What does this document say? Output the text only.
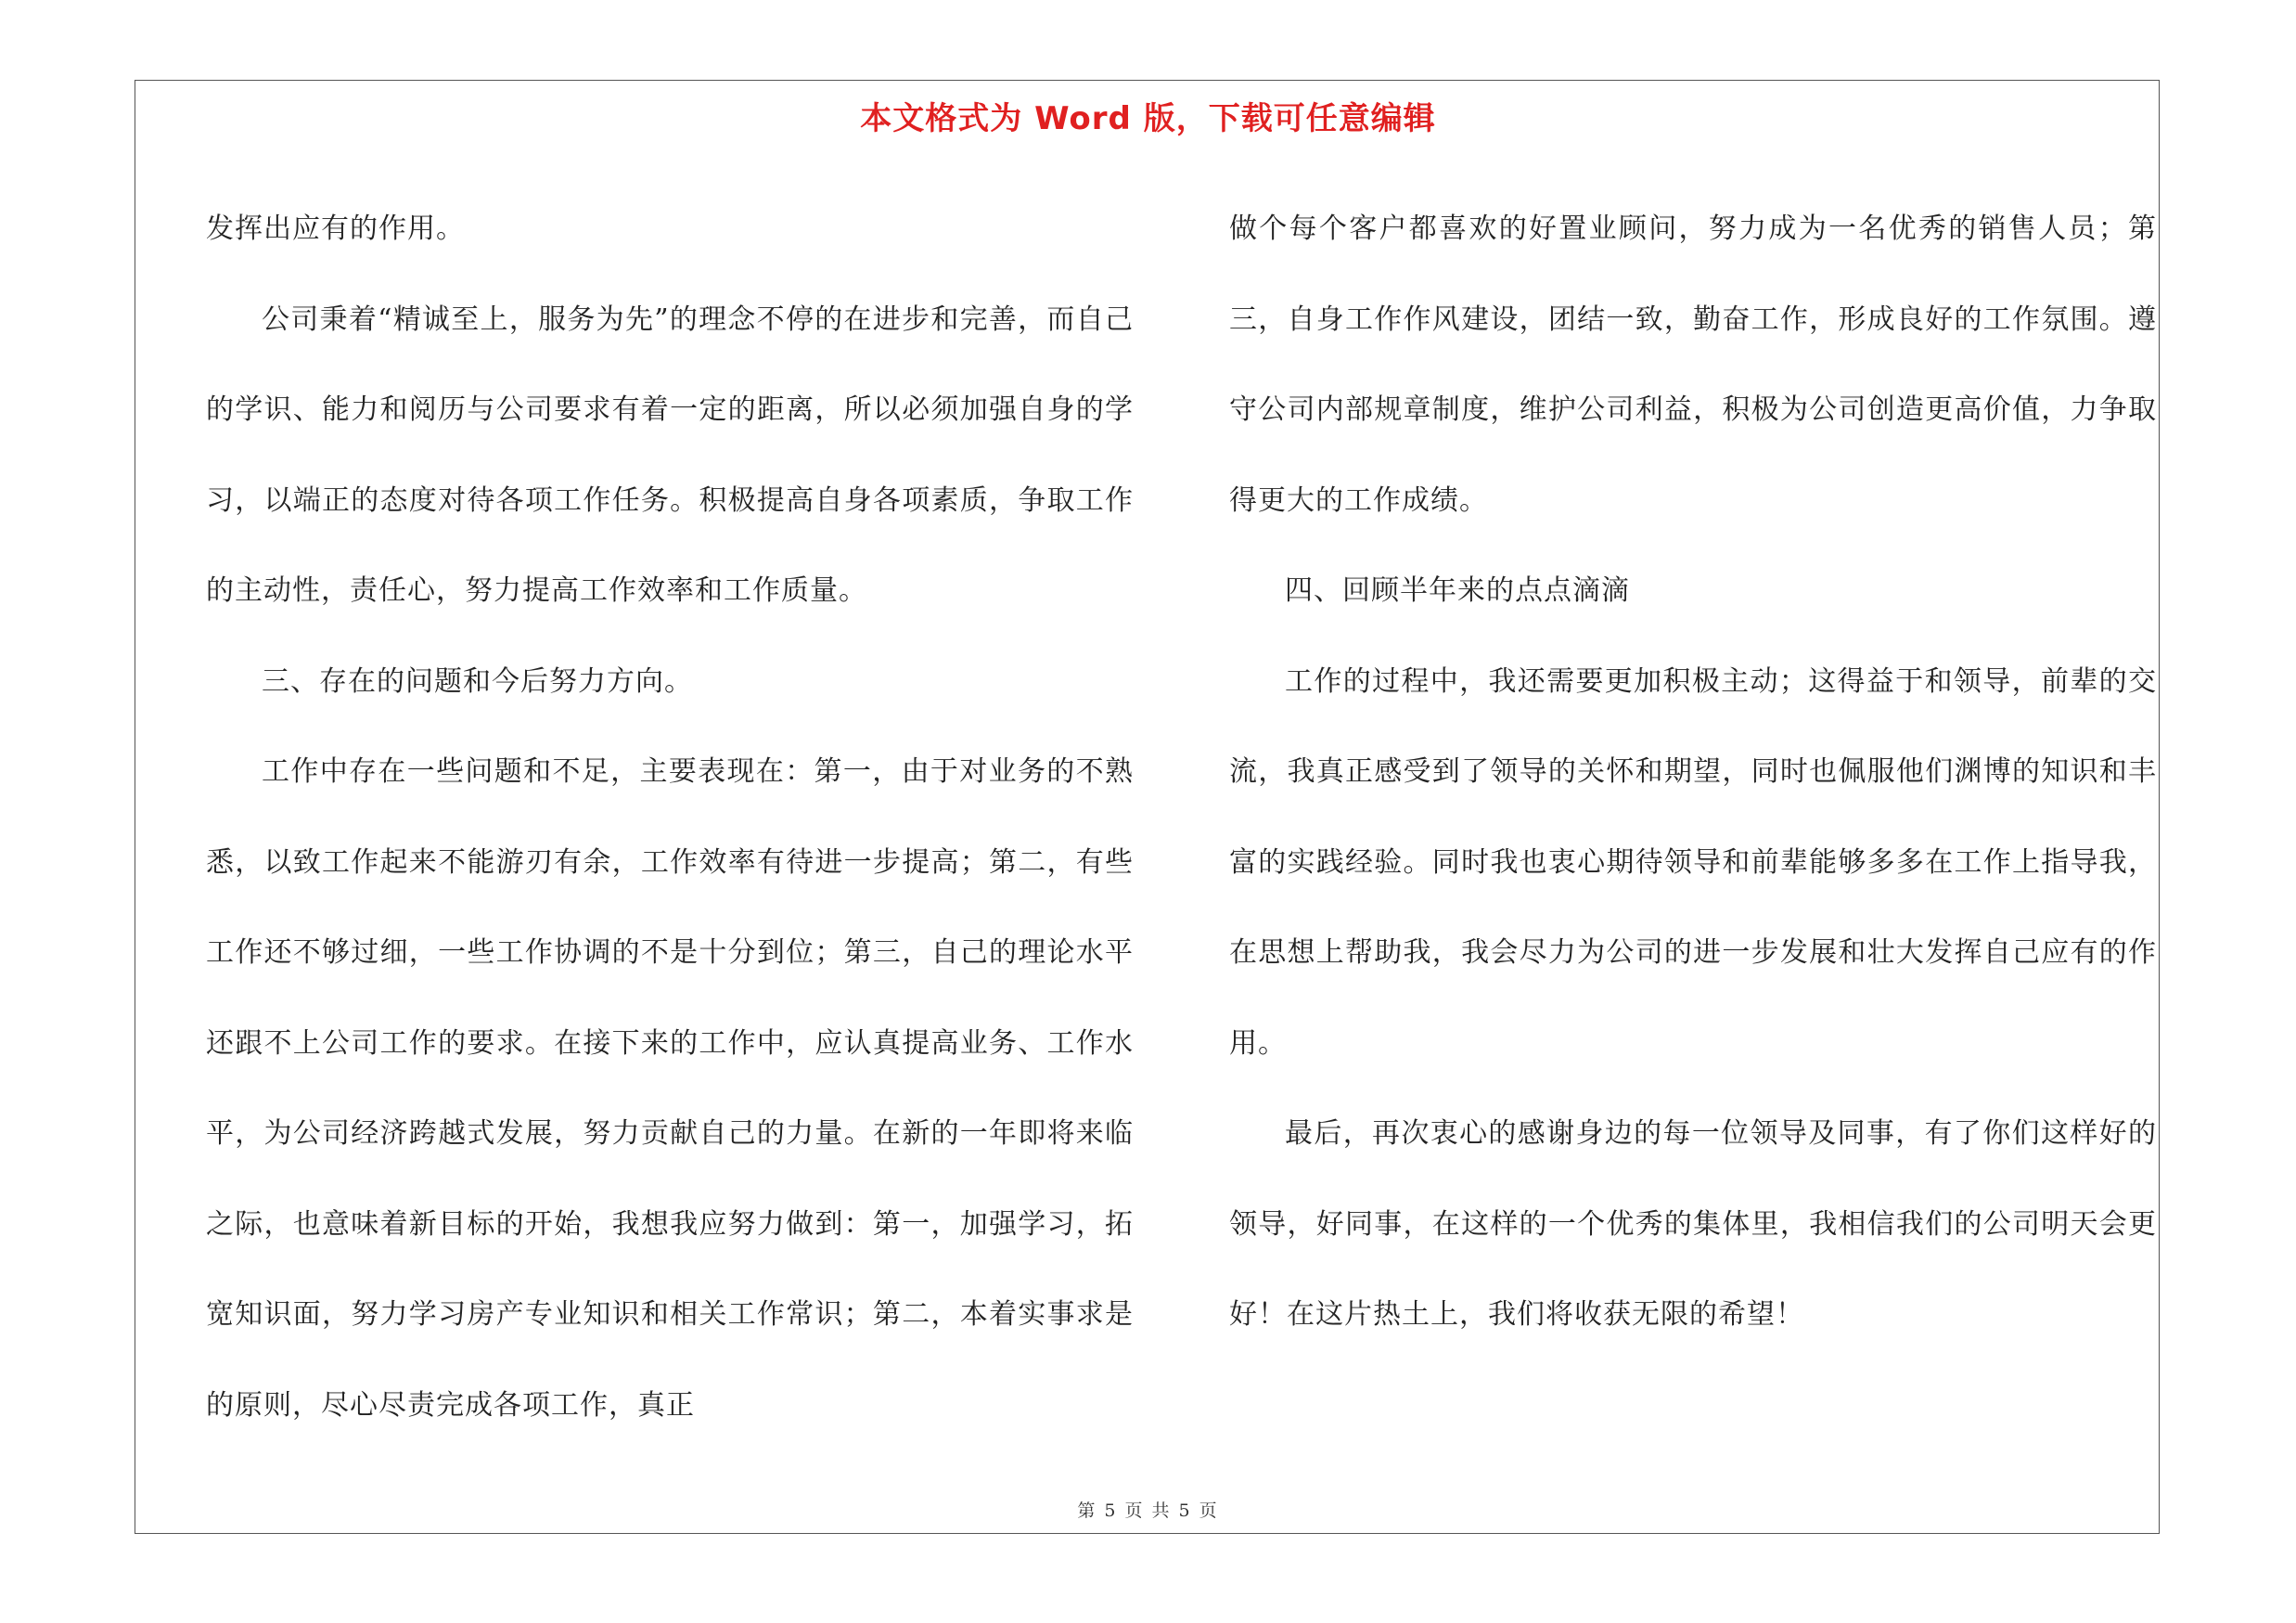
本文格式为 Word 版，下载可任意编辑

发挥出应有的作用。

公司秉着“精诚至上，服务为先”的理念不停的在进步和完善，而自己的学识、能力和阅历与公司要求有着一定的距离，所以必须加强自身的学习，以端正的态度对待各项工作任务。积极提高自身各项素质，争取工作的主动性，责任心，努力提高工作效率和工作质量。

三、存在的问题和今后努力方向。

工作中存在一些问题和不足，主要表现在：第一，由于对业务的不熟悉，以致工作起来不能游刃有余，工作效率有待进一步提高；第二，有些工作还不够过细，一些工作协调的不是十分到位；第三，自己的理论水平还跟不上公司工作的要求。在接下来的工作中，应认真提高业务、工作水平，为公司经济跨越式发展，努力贡献自己的力量。在新的一年即将来临之际，也意味着新目标的开始，我想我应努力做到：第一，加强学习，拓宽知识面，努力学习房产专业知识和相关工作常识；第二，本着实事求是的原则，尽心尽责完成各项工作，真正

做个每个客户都喜欢的好置业顾问，努力成为一名优秀的销售人员；第三，自身工作作风建设，团结一致，勤奋工作，形成良好的工作氛围。遵守公司内部规章制度，维护公司利益，积极为公司创造更高价值，力争取得更大的工作成绩。

四、回顾半年来的点点滴滴

工作的过程中，我还需要更加积极主动；这得益于和领导，前辈的交流，我真正感受到了领导的关怀和期望，同时也佩服他们渊博的知识和丰富的实践经验。同时我也衷心期待领导和前辈能够多多在工作上指导我，在思想上帮助我，我会尽力为公司的进一步发展和壮大发挥自己应有的作用。

最后，再次衷心的感谢身边的每一位领导及同事，有了你们这样好的领导，好同事，在这样的一个优秀的集体里，我相信我们的公司明天会更好！在这片热土上，我们将收获无限的希望！

第 5 页 共 5 页
